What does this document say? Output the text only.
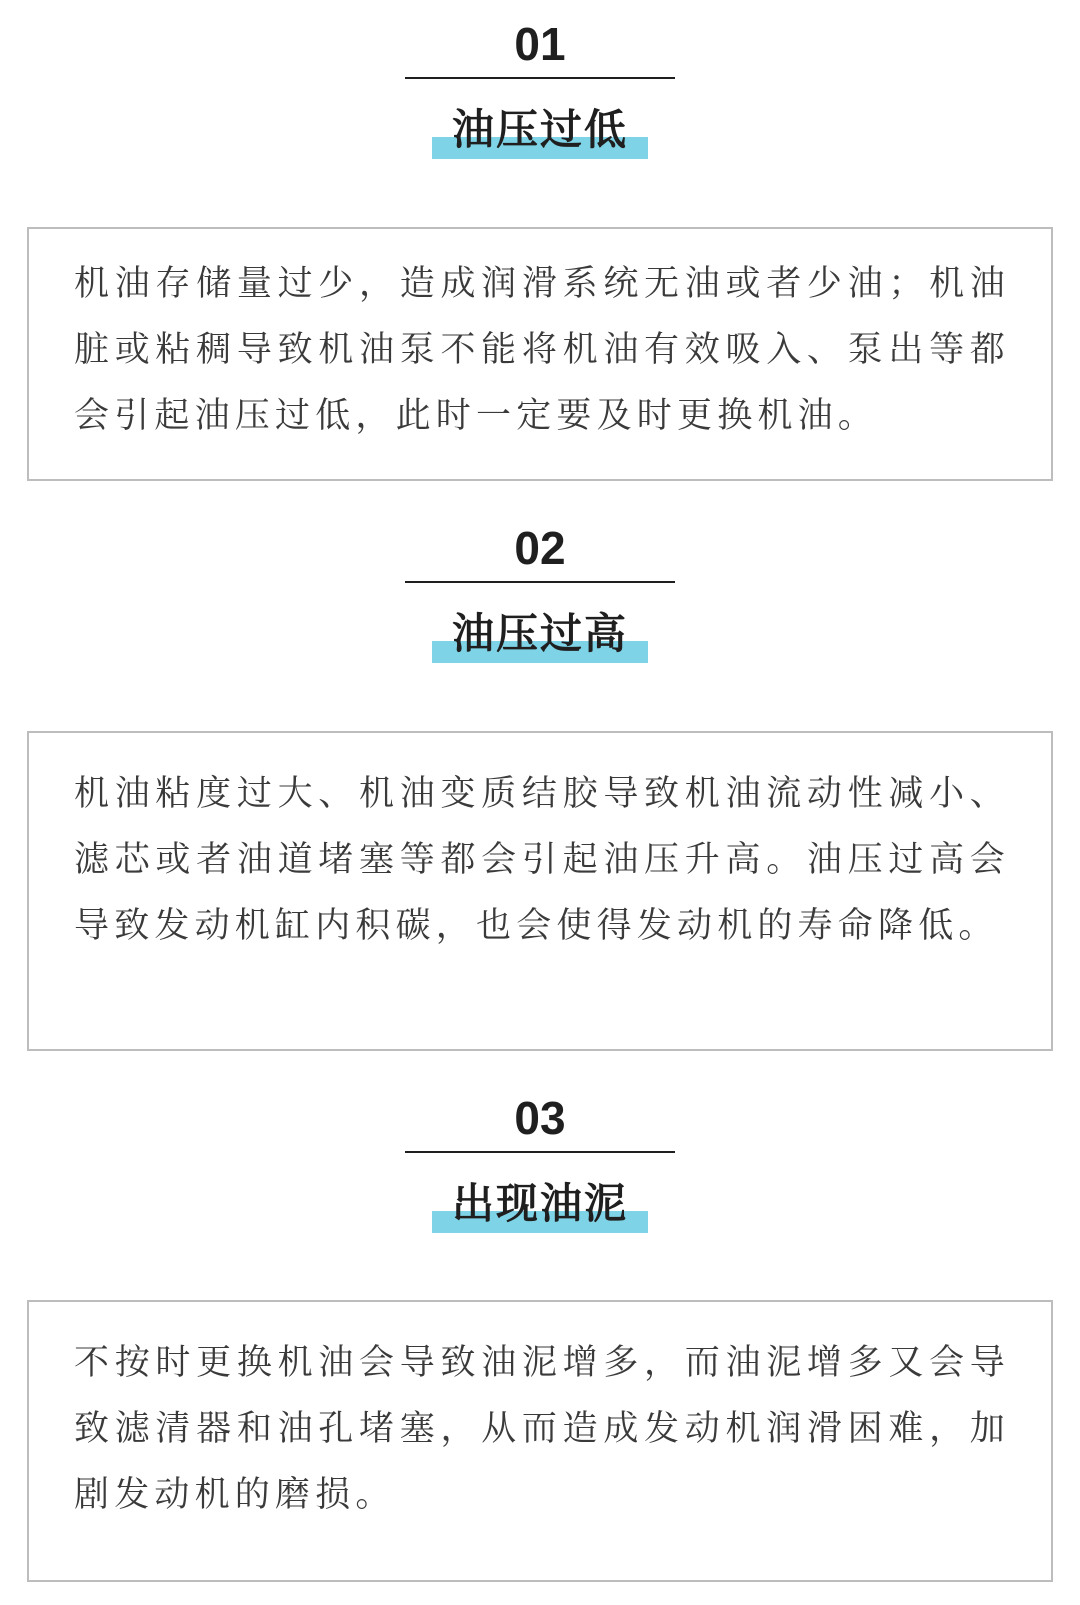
01
油压过低

机油存储量过少，造成润滑系统无油或者少油；机油脏或粘稠导致机油泵不能将机油有效吸入、泵出等都会引起油压过低，此时一定要及时更换机油。

02
油压过高

机油粘度过大、机油变质结胶导致机油流动性减小、滤芯或者油道堵塞等都会引起油压升高。油压过高会导致发动机缸内积碳，也会使得发动机的寿命降低。

03
出现油泥

不按时更换机油会导致油泥增多，而油泥增多又会导致滤清器和油孔堵塞，从而造成发动机润滑困难，加剧发动机的磨损。
